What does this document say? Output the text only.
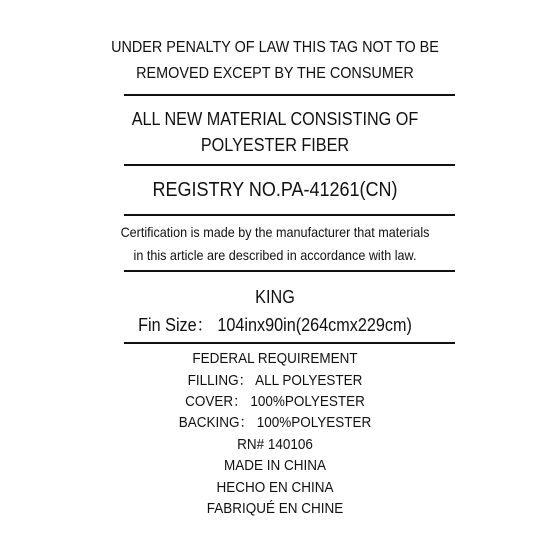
UNDER PENALTY OF LAW THIS TAG NOT TO BE
REMOVED EXCEPT BY THE CONSUMER
ALL NEW MATERIAL CONSISTING OF
POLYESTER FIBER
REGISTRY NO.PA-41261(CN)
Certification is made by the manufacturer that materials
in this article are described in accordance with law.
KING
Fin Size： 104inx90in(264cmx229cm)
FEDERAL REQUIREMENT
FILLING： ALL POLYESTER
COVER： 100%POLYESTER
BACKING： 100%POLYESTER
RN# 140106
MADE IN CHINA
HECHO EN CHINA
FABRIQUÉ EN CHINE
